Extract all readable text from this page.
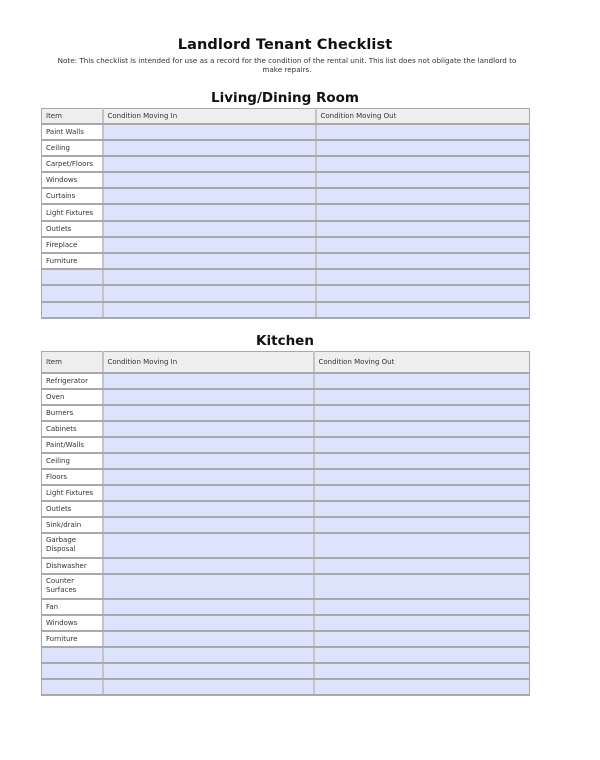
Landlord Tenant Checklist
Note: This checklist is intended for use as a record for the condition of the rental unit. This list does not obligate the landlord to make repairs.
Living/Dining Room
Item	Condition Moving In	Condition Moving Out
Paint Walls		
Ceiling		
Carpet/Floors		
Windows		
Curtains		
Light Fixtures		
Outlets		
Fireplace		
Furniture		

Kitchen
Item	Condition Moving In	Condition Moving Out
Refrigerator		
Oven		
Burners		
Cabinets		
Paint/Walls		
Ceiling		
Floors		
Light Fixtures		
Outlets		
Sink/drain		
Garbage Disposal		
Dishwasher		
Counter Surfaces		
Fan		
Windows		
Furniture		
